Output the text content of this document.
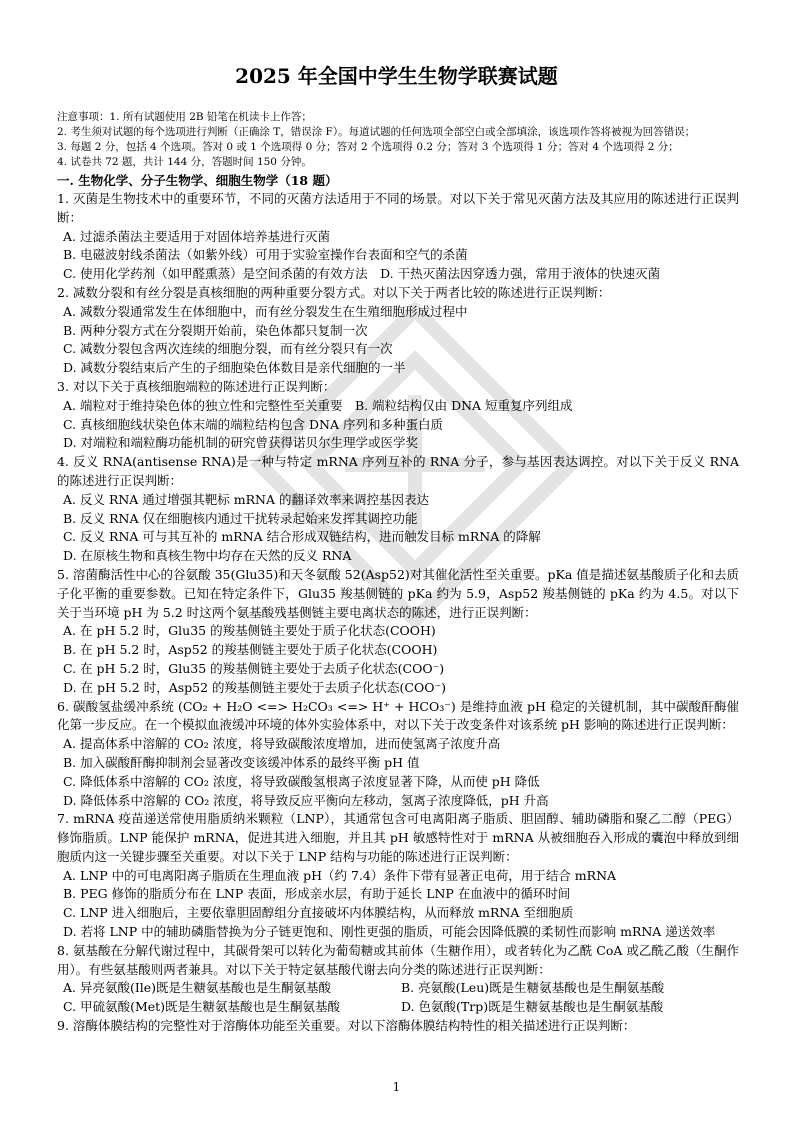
2025 年全国中学生生物学联赛试题

注意事项：1. 所有试题使用 2B 铅笔在机读卡上作答；

2. 考生须对试题的每个选项进行判断（正确涂 T，错误涂 F）。每道试题的任何选项全部空白或全部填涂，该选项作答将被视为回答错误；

3. 每题 2 分，包括 4 个选项。答对 0 或 1 个选项得 0 分；答对 2 个选项得 0.2 分；答对 3 个选项得 1 分；答对 4 个选项得 2 分；

4. 试卷共 72 题，共计 144 分，答题时间 150 分钟。

一. 生物化学、分子生物学、细胞生物学（18 题）

1. 灭菌是生物技术中的重要环节，不同的灭菌方法适用于不同的场景。对以下关于常见灭菌方法及其应用的陈述进行正误判断：

A. 过滤杀菌法主要适用于对固体培养基进行灭菌

B. 电磁波射线杀菌法（如紫外线）可用于实验室操作台表面和空气的杀菌

C. 使用化学药剂（如甲醛熏蒸）是空间杀菌的有效方法　D. 干热灭菌法因穿透力强，常用于液体的快速灭菌

2. 减数分裂和有丝分裂是真核细胞的两种重要分裂方式。对以下关于两者比较的陈述进行正误判断：

A. 减数分裂通常发生在体细胞中，而有丝分裂发生在生殖细胞形成过程中

B. 两种分裂方式在分裂期开始前，染色体都只复制一次

C. 减数分裂包含两次连续的细胞分裂，而有丝分裂只有一次

D. 减数分裂结束后产生的子细胞染色体数目是亲代细胞的一半

3. 对以下关于真核细胞端粒的陈述进行正误判断：

A. 端粒对于维持染色体的独立性和完整性至关重要　B. 端粒结构仅由 DNA 短重复序列组成

C. 真核细胞线状染色体末端的端粒结构包含 DNA 序列和多种蛋白质

D. 对端粒和端粒酶功能机制的研究曾获得诺贝尔生理学或医学奖

4. 反义 RNA(antisense RNA)是一种与特定 mRNA 序列互补的 RNA 分子，参与基因表达调控。对以下关于反义 RNA 的陈述进行正误判断：

A. 反义 RNA 通过增强其靶标 mRNA 的翻译效率来调控基因表达

B. 反义 RNA 仅在细胞核内通过干扰转录起始来发挥其调控功能

C. 反义 RNA 可与其互补的 mRNA 结合形成双链结构，进而触发目标 mRNA 的降解

D. 在原核生物和真核生物中均存在天然的反义 RNA

5. 溶菌酶活性中心的谷氨酸 35(Glu35)和天冬氨酸 52(Asp52)对其催化活性至关重要。pKa 值是描述氨基酸质子化和去质子化平衡的重要参数。已知在特定条件下，Glu35 羧基侧链的 pKa 约为 5.9，Asp52 羧基侧链的 pKa 约为 4.5。对以下关于当环境 pH 为 5.2 时这两个氨基酸残基侧链主要电离状态的陈述，进行正误判断：

A. 在 pH 5.2 时，Glu35 的羧基侧链主要处于质子化状态(COOH)

B. 在 pH 5.2 时，Asp52 的羧基侧链主要处于质子化状态(COOH)

C. 在 pH 5.2 时，Glu35 的羧基侧链主要处于去质子化状态(COO⁻)

D. 在 pH 5.2 时，Asp52 的羧基侧链主要处于去质子化状态(COO⁻)

6. 碳酸氢盐缓冲系统 (CO₂ + H₂O <=> H₂CO₃ <=> H⁺ + HCO₃⁻) 是维持血液 pH 稳定的关键机制，其中碳酸酐酶催化第一步反应。在一个模拟血液缓冲环境的体外实验体系中，对以下关于改变条件对该系统 pH 影响的陈述进行正误判断：

A. 提高体系中溶解的 CO₂ 浓度，将导致碳酸浓度增加，进而使氢离子浓度升高

B. 加入碳酸酐酶抑制剂会显著改变该缓冲体系的最终平衡 pH 值

C. 降低体系中溶解的 CO₂ 浓度，将导致碳酸氢根离子浓度显著下降，从而使 pH 降低

D. 降低体系中溶解的 CO₂ 浓度，将导致反应平衡向左移动，氢离子浓度降低，pH 升高

7. mRNA 疫苗递送常使用脂质纳米颗粒（LNP），其通常包含可电离阳离子脂质、胆固醇、辅助磷脂和聚乙二醇（PEG）修饰脂质。LNP 能保护 mRNA，促进其进入细胞，并且其 pH 敏感特性对于 mRNA 从被细胞吞入形成的囊泡中释放到细胞质内这一关键步骤至关重要。对以下关于 LNP 结构与功能的陈述进行正误判断：

A. LNP 中的可电离阳离子脂质在生理血液 pH（约 7.4）条件下带有显著正电荷，用于结合 mRNA

B. PEG 修饰的脂质分布在 LNP 表面，形成亲水层，有助于延长 LNP 在血液中的循环时间

C. LNP 进入细胞后，主要依靠胆固醇组分直接破坏内体膜结构，从而释放 mRNA 至细胞质

D. 若将 LNP 中的辅助磷脂替换为分子链更饱和、刚性更强的脂质，可能会因降低膜的柔韧性而影响 mRNA 递送效率

8. 氨基酸在分解代谢过程中，其碳骨架可以转化为葡萄糖或其前体（生糖作用），或者转化为乙酰 CoA 或乙酰乙酸（生酮作用）。有些氨基酸则两者兼具。对以下关于特定氨基酸代谢去向分类的陈述进行正误判断：

A. 异亮氨酸(Ile)既是生糖氨基酸也是生酮氨基酸	B. 亮氨酸(Leu)既是生糖氨基酸也是生酮氨基酸
C. 甲硫氨酸(Met)既是生糖氨基酸也是生酮氨基酸	D. 色氨酸(Trp)既是生糖氨基酸也是生酮氨基酸

9. 溶酶体膜结构的完整性对于溶酶体功能至关重要。对以下溶酶体膜结构特性的相关描述进行正误判断：

1
